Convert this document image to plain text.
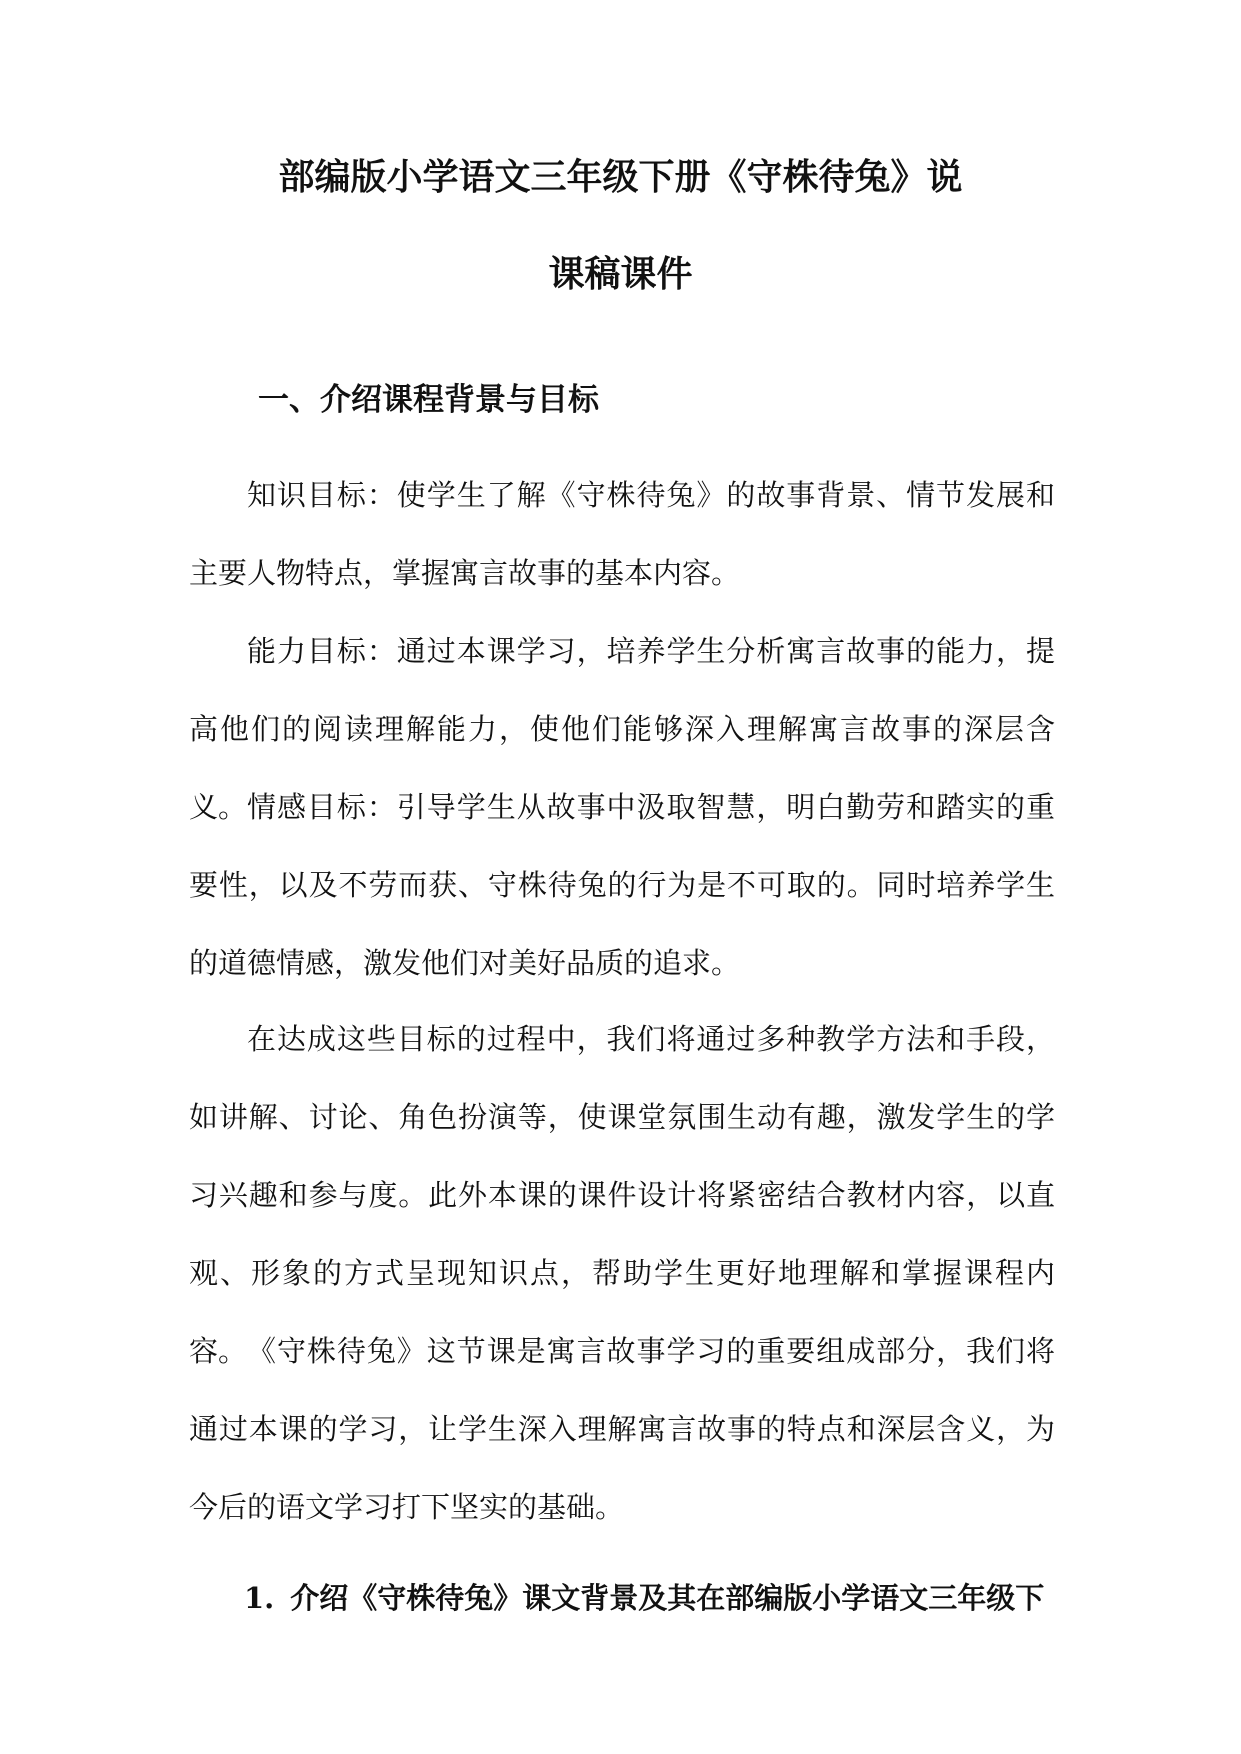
部编版小学语文三年级下册《守株待兔》说
课稿课件
一、介绍课程背景与目标

知识目标：使学生了解《守株待兔》的故事背景、情节发展和主要人物特点，掌握寓言故事的基本内容。

能力目标：通过本课学习，培养学生分析寓言故事的能力，提高他们的阅读理解能力，使他们能够深入理解寓言故事的深层含义。 情感目标：引导学生从故事中汲取智慧，明白勤劳和踏实的重要性，以及不劳而获、守株待兔的行为是不可取的。同时培养学生的道德情感，激发他们对美好品质的追求。

在达成这些目标的过程中，我们将通过多种教学方法和手段，如讲解、讨论、角色扮演等，使课堂氛围生动有趣，激发学生的学习兴趣和参与度。此外本课的课件设计将紧密结合教材内容，以直观、形象的方式呈现知识点，帮助学生更好地理解和掌握课程内容。 《守株待兔》这节课是寓言故事学习的重要组成部分，我们将通过本课的学习，让学生深入理解寓言故事的特点和深层含义，为今后的语文学习打下坚实的基础。

1. 介绍《守株待兔》课文背景及其在部编版小学语文三年级下
